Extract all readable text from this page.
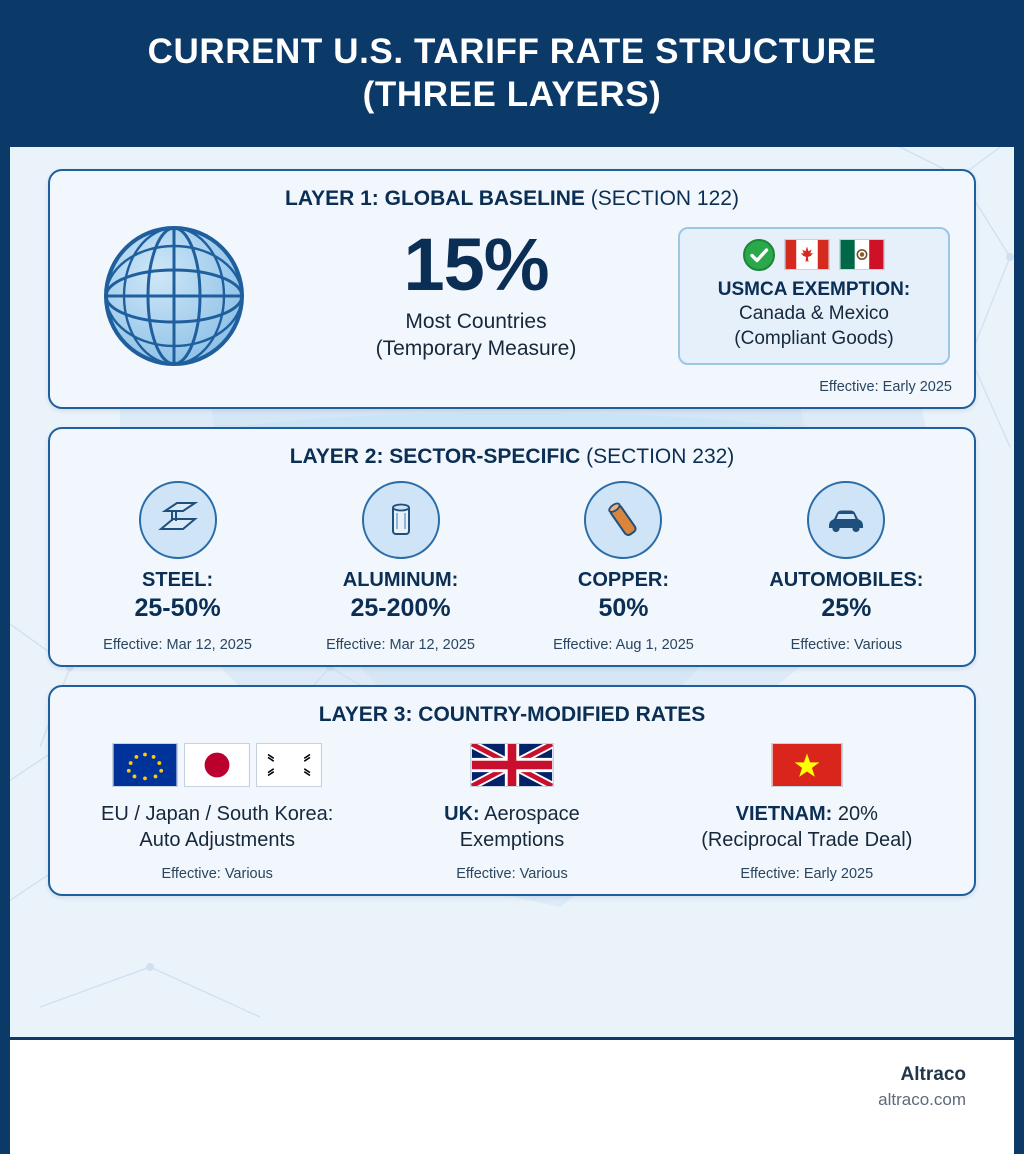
CURRENT U.S. TARIFF RATE STRUCTURE
(THREE LAYERS)
LAYER 1: GLOBAL BASELINE (SECTION 122)
15%
Most Countries
(Temporary Measure)
USMCA EXEMPTION:
Canada & Mexico
(Compliant Goods)
Effective: Early 2025
LAYER 2: SECTOR-SPECIFIC (SECTION 232)
STEEL:
25-50%
Effective: Mar 12, 2025
ALUMINUM:
25-200%
Effective: Mar 12, 2025
COPPER:
50%
Effective: Aug 1, 2025
AUTOMOBILES:
25%
Effective: Various
LAYER 3: COUNTRY-MODIFIED RATES
EU / Japan / South Korea:
Auto Adjustments
Effective: Various
UK: Aerospace
Exemptions
Effective: Various
VIETNAM: 20%
(Reciprocal Trade Deal)
Effective: Early 2025
Altraco
altraco.com
